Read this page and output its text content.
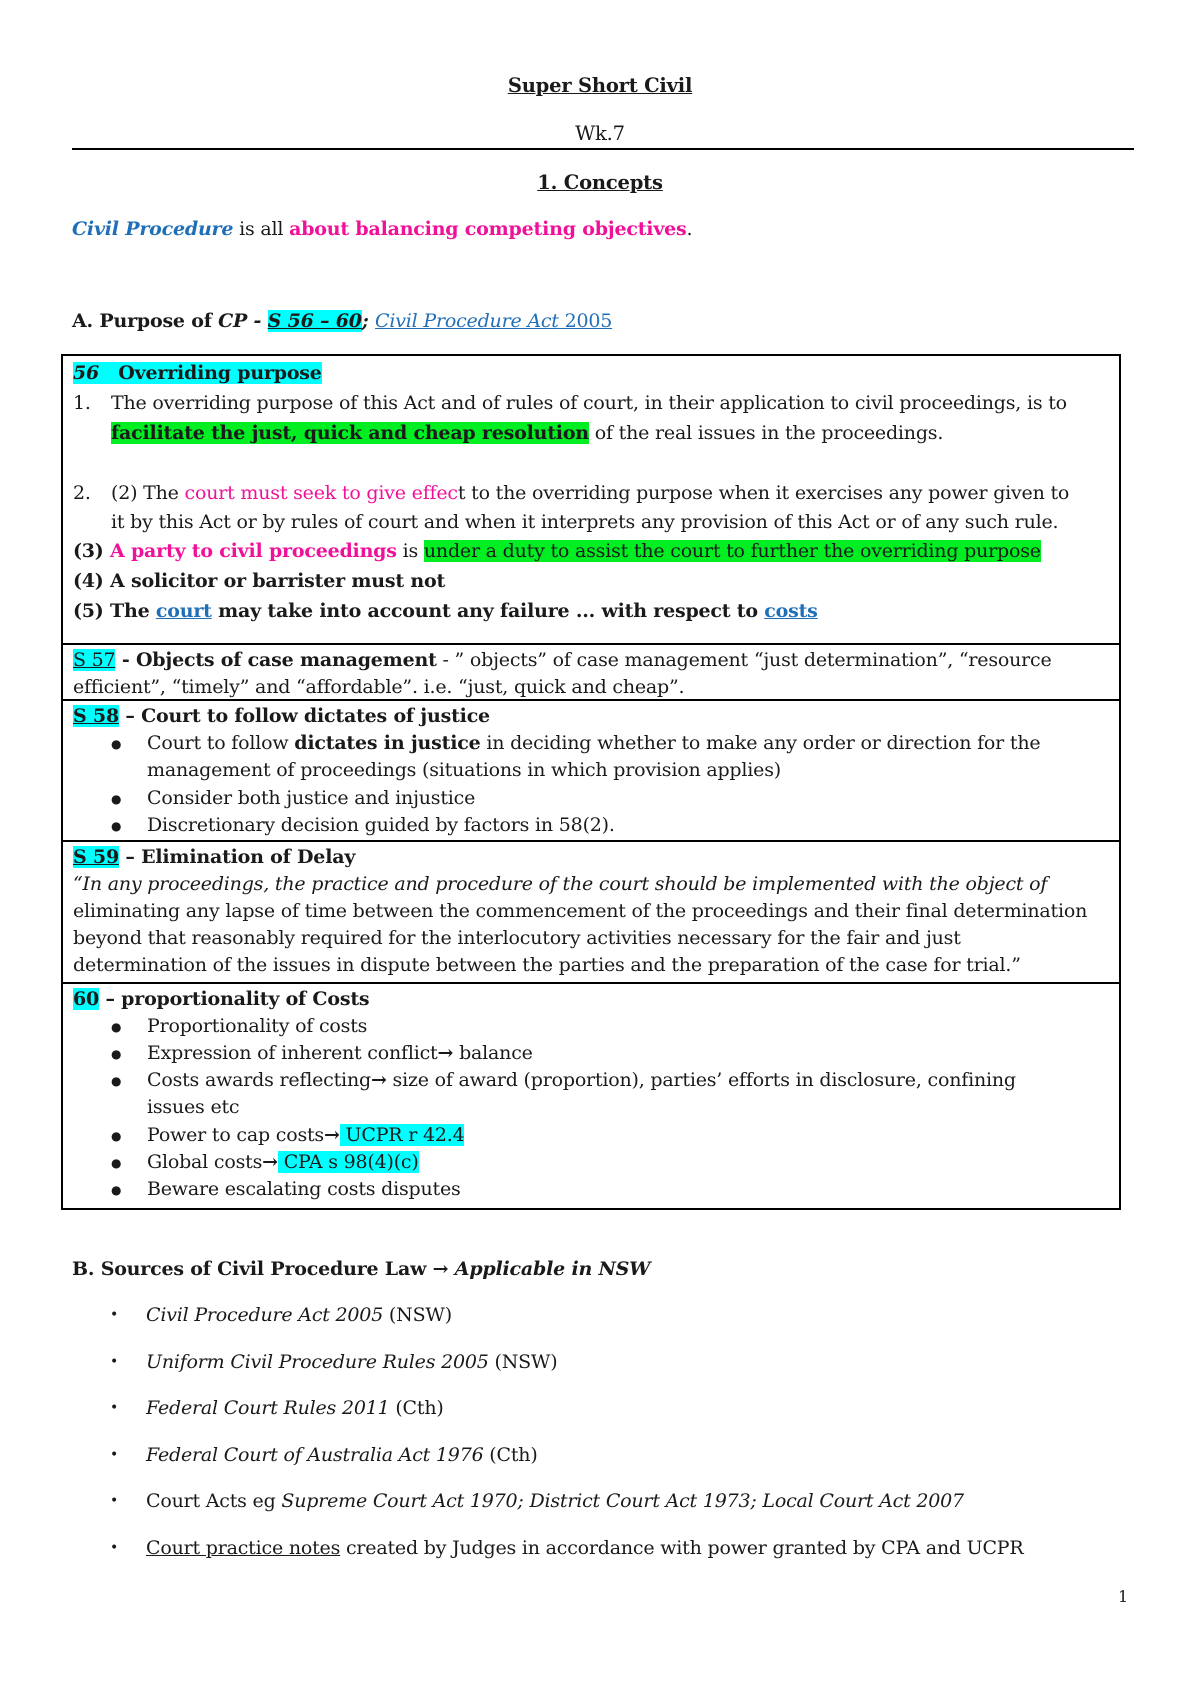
Super Short Civil
Wk.7
1. Concepts
Civil Procedure is all about balancing competing objectives.
A. Purpose of CP - S 56 – 60; Civil Procedure Act 2005
56 Overriding purpose
1. The overriding purpose of this Act and of rules of court, in their application to civil proceedings, is to
facilitate the just, quick and cheap resolution of the real issues in the proceedings.
2. (2) The court must seek to give effect to the overriding purpose when it exercises any power given to
it by this Act or by rules of court and when it interprets any provision of this Act or of any such rule.
(3) A party to civil proceedings is under a duty to assist the court to further the overriding purpose
(4) A solicitor or barrister must not
(5) The court may take into account any failure ... with respect to costs
S 57 - Objects of case management - ” objects” of case management “just determination”, “resource
efficient”, “timely” and “affordable”. i.e. “just, quick and cheap”.
S 58 – Court to follow dictates of justice
● Court to follow dictates in justice in deciding whether to make any order or direction for the
management of proceedings (situations in which provision applies)
● Consider both justice and injustice
● Discretionary decision guided by factors in 58(2).
S 59 – Elimination of Delay
“In any proceedings, the practice and procedure of the court should be implemented with the object of
eliminating any lapse of time between the commencement of the proceedings and their final determination
beyond that reasonably required for the interlocutory activities necessary for the fair and just
determination of the issues in dispute between the parties and the preparation of the case for trial.”
60 – proportionality of Costs
● Proportionality of costs
● Expression of inherent conflict→ balance
● Costs awards reflecting→ size of award (proportion), parties’ efforts in disclosure, confining
issues etc
● Power to cap costs→ UCPR r 42.4
● Global costs→ CPA s 98(4)(c)
● Beware escalating costs disputes
B. Sources of Civil Procedure Law → Applicable in NSW
• Civil Procedure Act 2005 (NSW)
• Uniform Civil Procedure Rules 2005 (NSW)
• Federal Court Rules 2011 (Cth)
• Federal Court of Australia Act 1976 (Cth)
• Court Acts eg Supreme Court Act 1970; District Court Act 1973; Local Court Act 2007
• Court practice notes created by Judges in accordance with power granted by CPA and UCPR
1
